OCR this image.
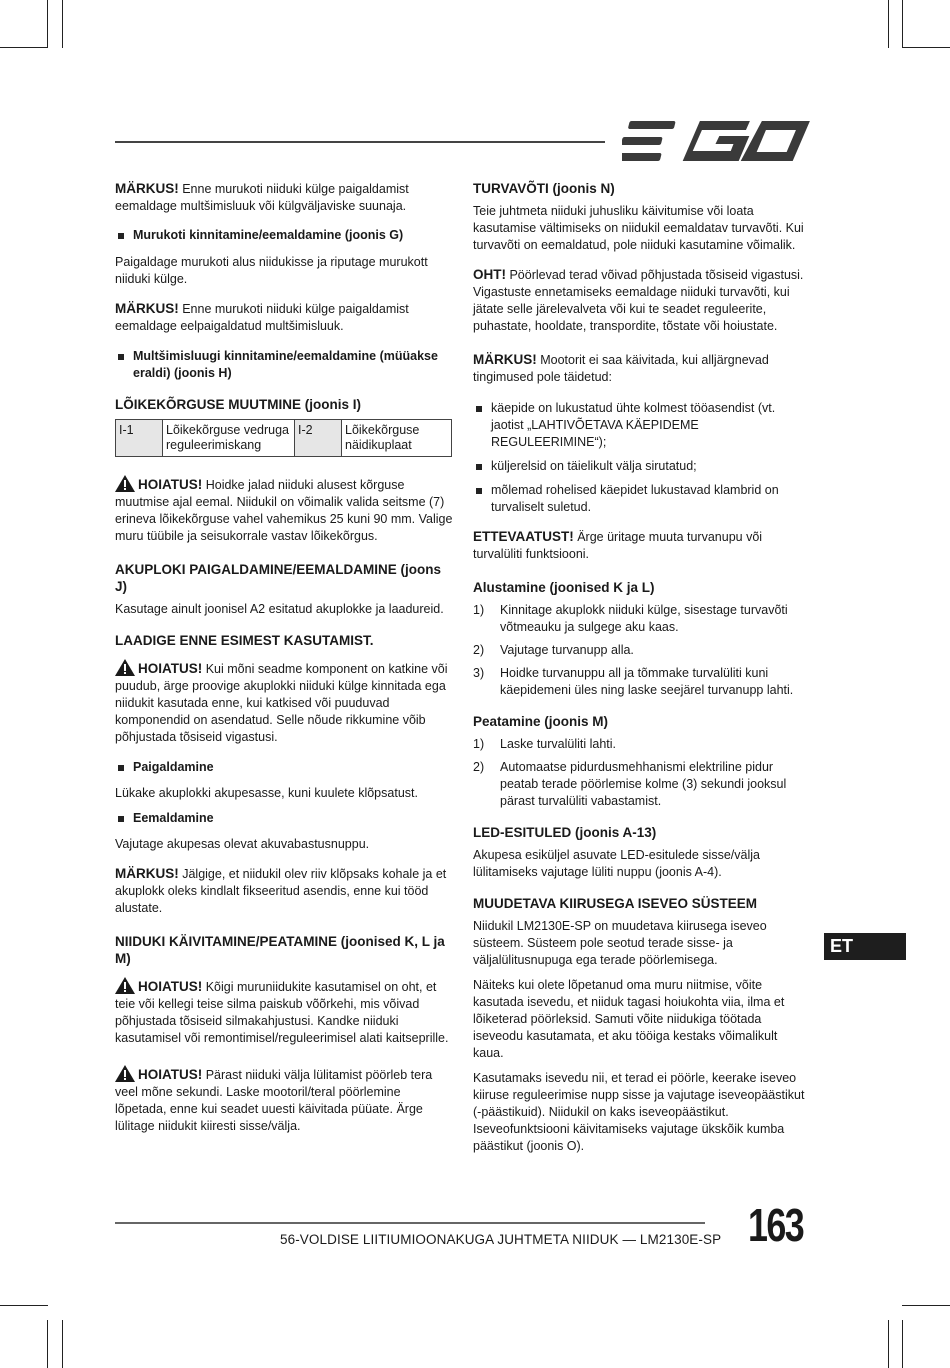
MÄRKUS! Enne murukoti niiduki külge paigaldamist eemaldage multšimisluuk või külgväljaviske suunaja.

Murukoti kinnitamine/eemaldamine (joonis G)

Paigaldage murukoti alus niidukisse ja riputage murukott niiduki külge.

MÄRKUS! Enne murukoti niiduki külge paigaldamist eemaldage eelpaigaldatud multšimisluuk.

Multšimisluugi kinnitamine/eemaldamine (müüakse eraldi) (joonis H)
LÕIKEKÕRGUSE MUUTMINE (joonis I)
I-1	Lõikekõrguse vedruga reguleerimiskang	I-2	Lõikekõrguse näidikuplaat

HOIATUS! Hoidke jalad niiduki alusest kõrguse muutmise ajal eemal. Niidukil on võimalik valida seitsme (7) erineva lõikekõrguse vahel vahemikus 25 kuni 90 mm. Valige muru tüübile ja seisukorrale vastav lõikekõrgus.

AKUPLOKI PAIGALDAMINE/EEMALDAMINE (joons J)

Kasutage ainult joonisel A2 esitatud akuplokke ja laadureid.

LAADIGE ENNE ESIMEST KASUTAMIST.

HOIATUS! Kui mõni seadme komponent on katkine või puudub, ärge proovige akuplokki niiduki külge kinnitada ega niidukit kasutada enne, kui katkised või puuduvad komponendid on asendatud. Selle nõude rikkumine võib põhjustada tõsiseid vigastusi.

Paigaldamine

Lükake akuplokki akupesasse, kuni kuulete klõpsatust.

Eemaldamine

Vajutage akupesas olevat akuvabastusnuppu.

MÄRKUS! Jälgige, et niidukil olev riiv klõpsaks kohale ja et akuplokk oleks kindlalt fikseeritud asendis, enne kui tööd alustate.

NIIDUKI KÄIVITAMINE/PEATAMINE (joonised K, L ja M)

HOIATUS! Kõigi muruniidukite kasutamisel on oht, et teie või kellegi teise silma paiskub võõrkehi, mis võivad põhjustada tõsiseid silmakahjustusi. Kandke niiduki kasutamisel või remontimisel/reguleerimisel alati kaitseprille.

HOIATUS! Pärast niiduki välja lülitamist pöörleb tera veel mõne sekundi. Laske mootoril/teral pöörlemine lõpetada, enne kui seadet uuesti käivitada püüate. Ärge lülitage niidukit kiiresti sisse/välja.

TURVAVÕTI (joonis N)

Teie juhtmeta niiduki juhusliku käivitumise või loata kasutamise vältimiseks on niidukil eemaldatav turvavõti. Kui turvavõti on eemaldatud, pole niiduki kasutamine võimalik.

OHT! Pöörlevad terad võivad põhjustada tõsiseid vigastusi. Vigastuste ennetamiseks eemaldage niiduki turvavõti, kui jätate selle järelevalveta või kui te seadet reguleerite, puhastate, hooldate, transpordite, tõstate või hoiustate.

MÄRKUS! Mootorit ei saa käivitada, kui alljärgnevad tingimused pole täidetud:

käepide on lukustatud ühte kolmest tööasendist (vt. jaotist „LAHTIVÕETAVA KÄEPIDEME REGULEERIMINE“);
küljerelsid on täielikult välja sirutatud;
mõlemad rohelised käepidet lukustavad klambrid on turvaliselt suletud.

ETTEVAATUST! Ärge üritage muuta turvanupu või turvalüliti funktsiooni.

Alustamine (joonised K ja L)
1)	Kinnitage akuplokk niiduki külge, sisestage turvavõti võtmeauku ja sulgege aku kaas.
2)	Vajutage turvanupp alla.
3)	Hoidke turvanuppu all ja tõmmake turvalüliti kuni käepidemeni üles ning laske seejärel turvanupp lahti.
Peatamine (joonis M)
1)	Laske turvalüliti lahti.
2)	Automaatse pidurdusmehhanismi elektriline pidur peatab terade pöörlemise kolme (3) sekundi jooksul pärast turvalüliti vabastamist.
LED-ESITULED (joonis A-13)

Akupesa esiküljel asuvate LED-esitulede sisse/välja lülitamiseks vajutage lüliti nuppu (joonis A-4).

MUUDETAVA KIIRUSEGA ISEVEO SÜSTEEM

Niidukil LM2130E-SP on muudetava kiirusega iseveo süsteem. Süsteem pole seotud terade sisse- ja väljalülitusnupuga ega terade pöörlemisega.

Näiteks kui olete lõpetanud oma muru niitmise, võite kasutada isevedu, et niiduk tagasi hoiukohta viia, ilma et lõiketerad pöörleksid. Samuti võite niidukiga töötada iseveodu kasutamata, et aku tööiga kestaks võimalikult kaua.

Kasutamaks isevedu nii, et terad ei pöörle, keerake iseveo kiiruse reguleerimise nupp sisse ja vajutage iseveopäästikut (-päästikuid). Niidukil on kaks iseveopäästikut. Iseveofunktsiooni käivitamiseks vajutage ükskõik kumba päästikut (joonis O).

ET
56-VOLDISE LIITIUMIOONAKUGA JUHTMETA NIIDUK — LM2130E-SP 163
